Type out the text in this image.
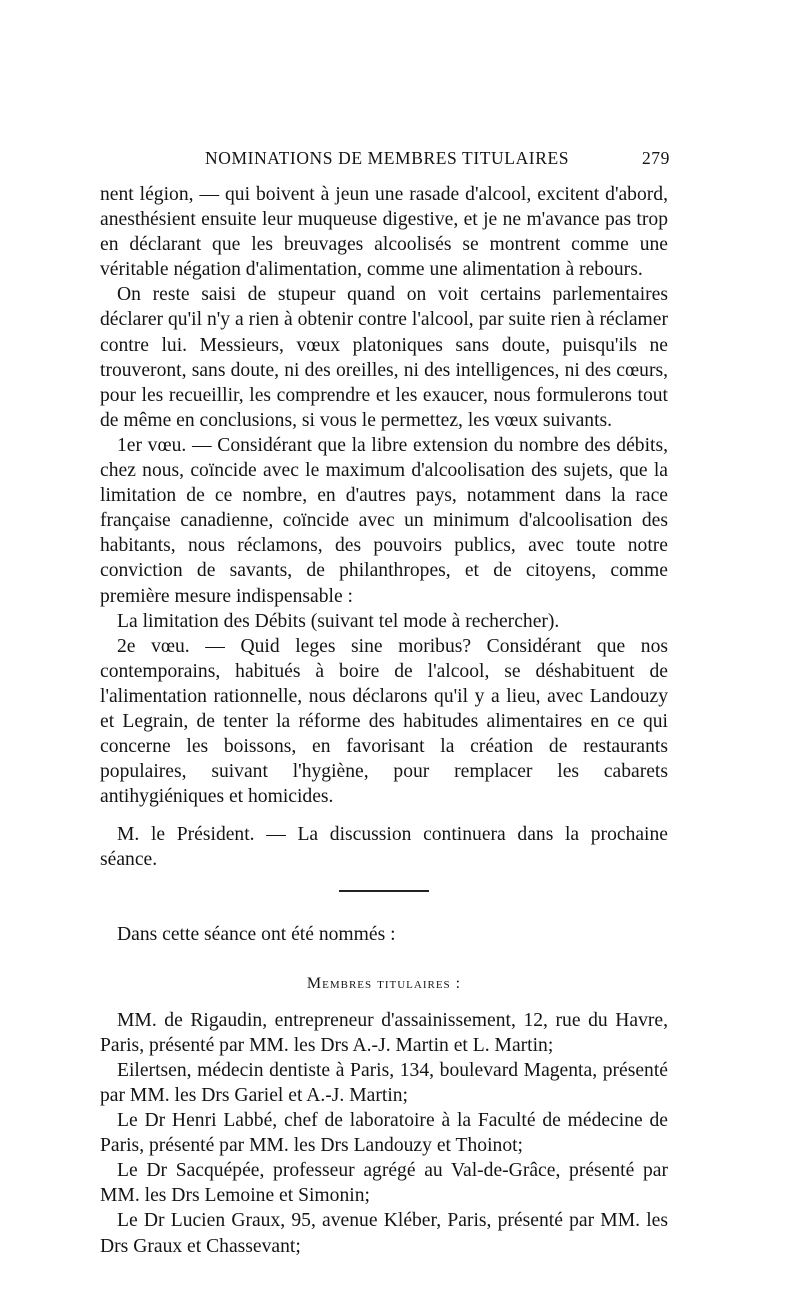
NOMINATIONS DE MEMBRES TITULAIRES	279

nent légion, — qui boivent à jeun une rasade d'alcool, excitent d'abord, anesthésient ensuite leur muqueuse digestive, et je ne m'avance pas trop en déclarant que les breuvages alcoolisés se montrent comme une véritable négation d'alimentation, comme une alimentation à rebours.

On reste saisi de stupeur quand on voit certains parlementaires déclarer qu'il n'y a rien à obtenir contre l'alcool, par suite rien à réclamer contre lui. Messieurs, vœux platoniques sans doute, puisqu'ils ne trouveront, sans doute, ni des oreilles, ni des intelligences, ni des cœurs, pour les recueillir, les comprendre et les exaucer, nous formulerons tout de même en conclusions, si vous le permettez, les vœux suivants.

1er vœu. — Considérant que la libre extension du nombre des débits, chez nous, coïncide avec le maximum d'alcoolisation des sujets, que la limitation de ce nombre, en d'autres pays, notamment dans la race française canadienne, coïncide avec un minimum d'alcoolisation des habitants, nous réclamons, des pouvoirs publics, avec toute notre conviction de savants, de philanthropes, et de citoyens, comme première mesure indispensable :

La limitation des Débits (suivant tel mode à rechercher).

2e vœu. — Quid leges sine moribus? Considérant que nos contemporains, habitués à boire de l'alcool, se déshabituent de l'alimentation rationnelle, nous déclarons qu'il y a lieu, avec Landouzy et Legrain, de tenter la réforme des habitudes alimentaires en ce qui concerne les boissons, en favorisant la création de restaurants populaires, suivant l'hygiène, pour remplacer les cabarets antihygiéniques et homicides.

M. le Président. — La discussion continuera dans la prochaine séance.

Dans cette séance ont été nommés :

Membres titulaires :

MM. de Rigaudin, entrepreneur d'assainissement, 12, rue du Havre, Paris, présenté par MM. les Drs A.-J. Martin et L. Martin;

Eilertsen, médecin dentiste à Paris, 134, boulevard Magenta, présenté par MM. les Drs Gariel et A.-J. Martin;

Le Dr Henri Labbé, chef de laboratoire à la Faculté de médecine de Paris, présenté par MM. les Drs Landouzy et Thoinot;

Le Dr Sacquépée, professeur agrégé au Val-de-Grâce, présenté par MM. les Drs Lemoine et Simonin;

Le Dr Lucien Graux, 95, avenue Kléber, Paris, présenté par MM. les Drs Graux et Chassevant;
